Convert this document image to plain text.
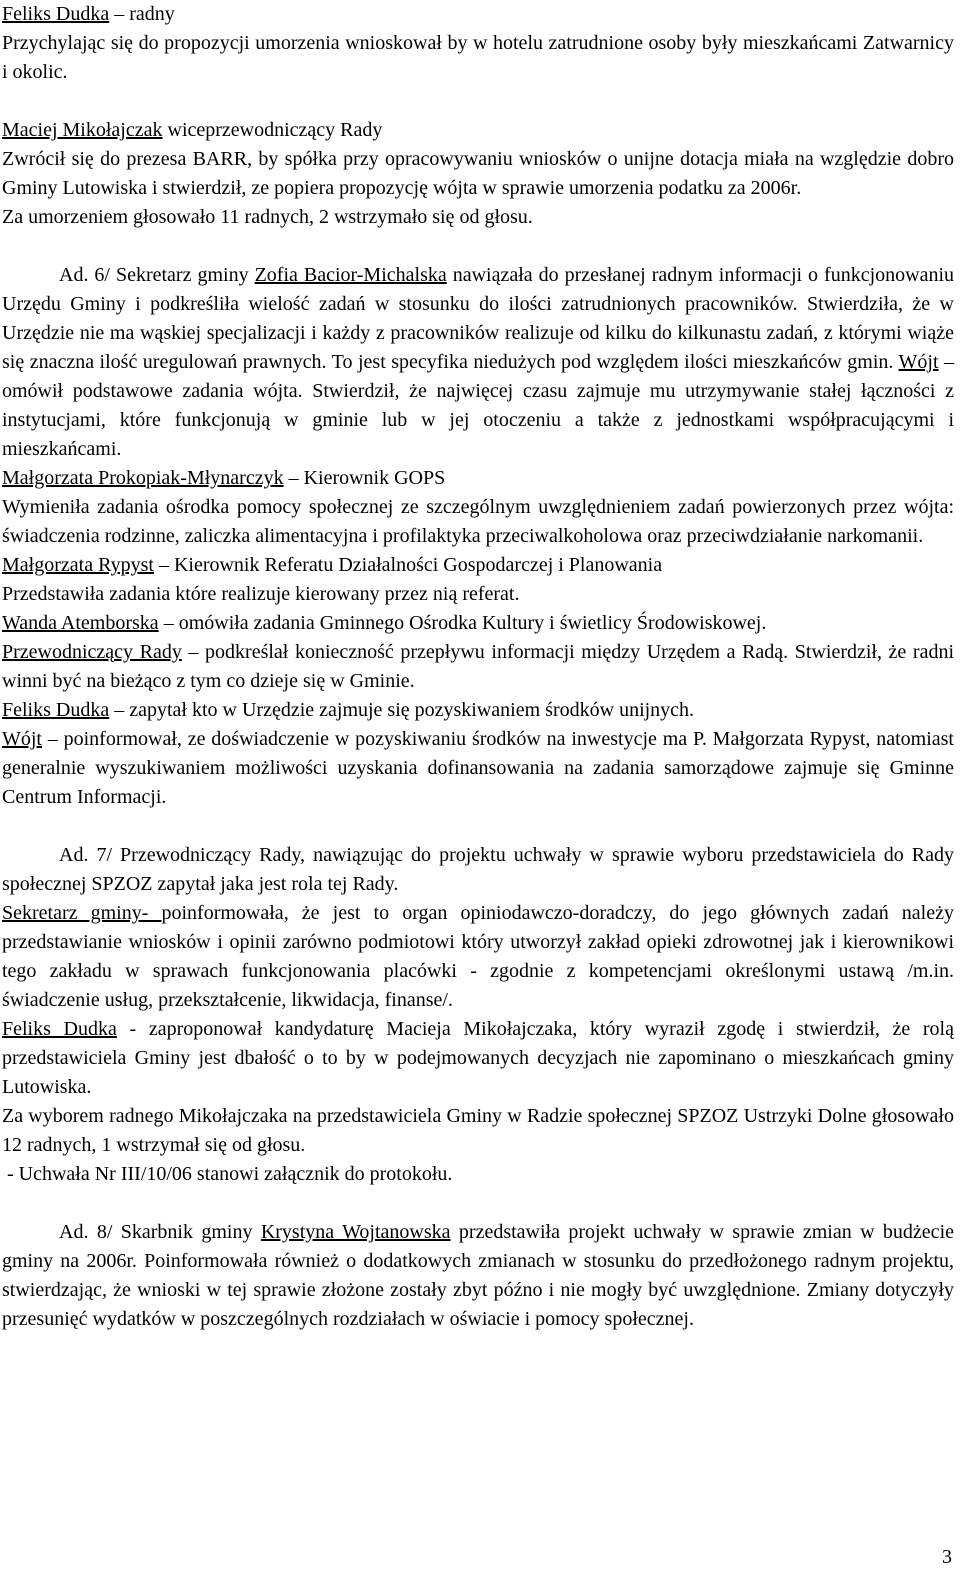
Feliks Dudka – radny

Przychylając się do propozycji umorzenia wnioskował by w hotelu zatrudnione osoby były mieszkańcami Zatwarnicy i okolic.

Maciej Mikołajczak wiceprzewodniczący Rady

Zwrócił się do prezesa BARR, by spółka przy opracowywaniu wniosków o unijne dotacja miała na względzie dobro Gminy Lutowiska i stwierdził, ze popiera propozycję wójta w sprawie umorzenia podatku za 2006r.

Za umorzeniem głosowało 11 radnych, 2 wstrzymało się od głosu.

Ad. 6/ Sekretarz gminy Zofia Bacior-Michalska nawiązała do przesłanej radnym informacji o funkcjonowaniu Urzędu Gminy i podkreśliła wielość zadań w stosunku do ilości zatrudnionych pracowników. Stwierdziła, że w Urzędzie nie ma wąskiej specjalizacji i każdy z pracowników realizuje od kilku do kilkunastu zadań, z którymi wiąże się znaczna ilość uregulowań prawnych. To jest specyfika niedużych pod względem ilości mieszkańców gmin. Wójt – omówił podstawowe zadania wójta. Stwierdził, że najwięcej czasu zajmuje mu utrzymywanie stałej łączności z instytucjami, które funkcjonują w gminie lub w jej otoczeniu a także z jednostkami współpracującymi i mieszkańcami.

Małgorzata Prokopiak-Młynarczyk – Kierownik GOPS

Wymieniła zadania ośrodka pomocy społecznej ze szczególnym uwzględnieniem zadań powierzonych przez wójta: świadczenia rodzinne, zaliczka alimentacyjna i profilaktyka przeciwalkoholowa oraz przeciwdziałanie narkomanii.

Małgorzata Rypyst – Kierownik Referatu Działalności Gospodarczej i Planowania

Przedstawiła zadania które realizuje kierowany przez nią referat.

Wanda Atemborska – omówiła zadania Gminnego Ośrodka Kultury i świetlicy Środowiskowej.

Przewodniczący Rady – podkreślał konieczność przepływu informacji między Urzędem a Radą. Stwierdził, że radni winni być na bieżąco z tym co dzieje się w Gminie.

Feliks Dudka – zapytał kto w Urzędzie zajmuje się pozyskiwaniem środków unijnych.

Wójt – poinformował, ze doświadczenie w pozyskiwaniu środków na inwestycje ma P. Małgorzata Rypyst, natomiast generalnie wyszukiwaniem możliwości uzyskania dofinansowania na zadania samorządowe zajmuje się Gminne Centrum Informacji.

Ad. 7/ Przewodniczący Rady, nawiązując do projektu uchwały w sprawie wyboru przedstawiciela do Rady społecznej SPZOZ zapytał jaka jest rola tej Rady.

Sekretarz gminy- poinformowała, że jest to organ opiniodawczo-doradczy, do jego głównych zadań należy przedstawianie wniosków i opinii zarówno podmiotowi który utworzył zakład opieki zdrowotnej jak i kierownikowi tego zakładu w sprawach funkcjonowania placówki - zgodnie z kompetencjami określonymi ustawą /m.in. świadczenie usług, przekształcenie, likwidacja, finanse/.

Feliks Dudka - zaproponował kandydaturę Macieja Mikołajczaka, który wyraził zgodę i stwierdził, że rolą przedstawiciela Gminy jest dbałość o to by w podejmowanych decyzjach nie zapominano o mieszkańcach gminy Lutowiska.

Za wyborem radnego Mikołajczaka na przedstawiciela Gminy w Radzie społecznej SPZOZ Ustrzyki Dolne głosowało 12 radnych, 1 wstrzymał się od głosu.

- Uchwała Nr III/10/06 stanowi załącznik do protokołu.

Ad. 8/ Skarbnik gminy Krystyna Wojtanowska przedstawiła projekt uchwały w sprawie zmian w budżecie gminy na 2006r. Poinformowała również o dodatkowych zmianach w stosunku do przedłożonego radnym projektu, stwierdzając, że wnioski w tej sprawie złożone zostały zbyt późno i nie mogły być uwzględnione. Zmiany dotyczyły przesunięć wydatków w poszczególnych rozdziałach w oświacie i pomocy społecznej.

3
